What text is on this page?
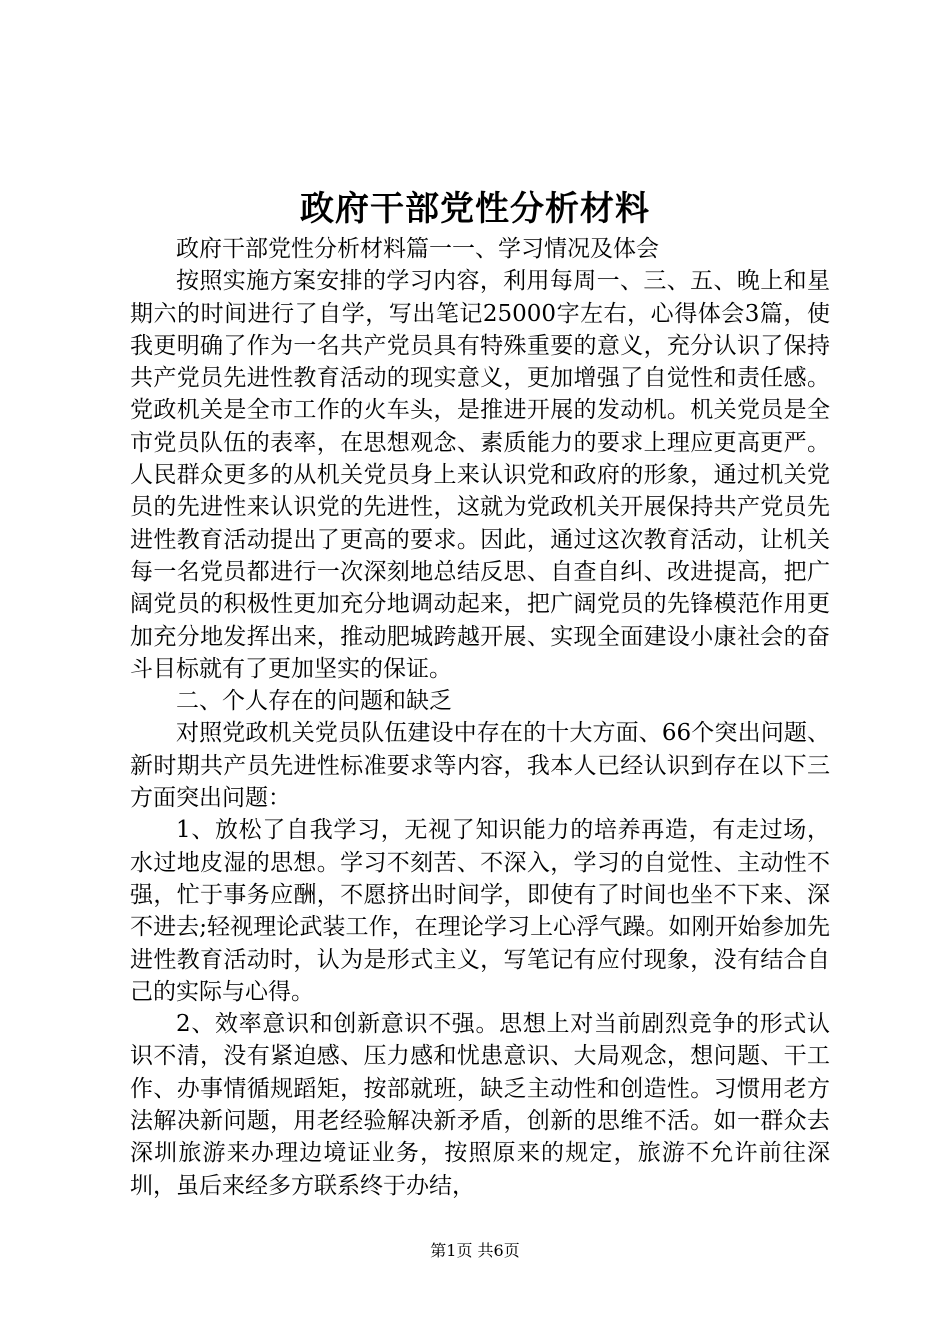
政府干部党性分析材料

政府干部党性分析材料篇一一、学习情况及体会

按照实施方案安排的学习内容，利用每周一、三、五、晚上和星期六的时间进行了自学，写出笔记25000字左右，心得体会3篇，使我更明确了作为一名共产党员具有特殊重要的意义，充分认识了保持共产党员先进性教育活动的现实意义，更加增强了自觉性和责任感。党政机关是全市工作的火车头，是推进开展的发动机。机关党员是全市党员队伍的表率，在思想观念、素质能力的要求上理应更高更严。人民群众更多的从机关党员身上来认识党和政府的形象，通过机关党员的先进性来认识党的先进性，这就为党政机关开展保持共产党员先进性教育活动提出了更高的要求。因此，通过这次教育活动，让机关每一名党员都进行一次深刻地总结反思、自查自纠、改进提高，把广阔党员的积极性更加充分地调动起来，把广阔党员的先锋模范作用更加充分地发挥出来，推动肥城跨越开展、实现全面建设小康社会的奋斗目标就有了更加坚实的保证。

二、个人存在的问题和缺乏

对照党政机关党员队伍建设中存在的十大方面、66个突出问题、新时期共产员先进性标准要求等内容，我本人已经认识到存在以下三方面突出问题：

1、放松了自我学习，无视了知识能力的培养再造，有走过场，水过地皮湿的思想。学习不刻苦、不深入，学习的自觉性、主动性不强，忙于事务应酬，不愿挤出时间学，即使有了时间也坐不下来、深不进去;轻视理论武装工作，在理论学习上心浮气躁。如刚开始参加先进性教育活动时，认为是形式主义，写笔记有应付现象，没有结合自己的实际与心得。

2、效率意识和创新意识不强。思想上对当前剧烈竞争的形式认识不清，没有紧迫感、压力感和忧患意识、大局观念，想问题、干工作、办事情循规蹈矩，按部就班，缺乏主动性和创造性。习惯用老方法解决新问题，用老经验解决新矛盾，创新的思维不活。如一群众去深圳旅游来办理边境证业务，按照原来的规定，旅游不允许前往深圳，虽后来经多方联系终于办结，

第1页 共6页
